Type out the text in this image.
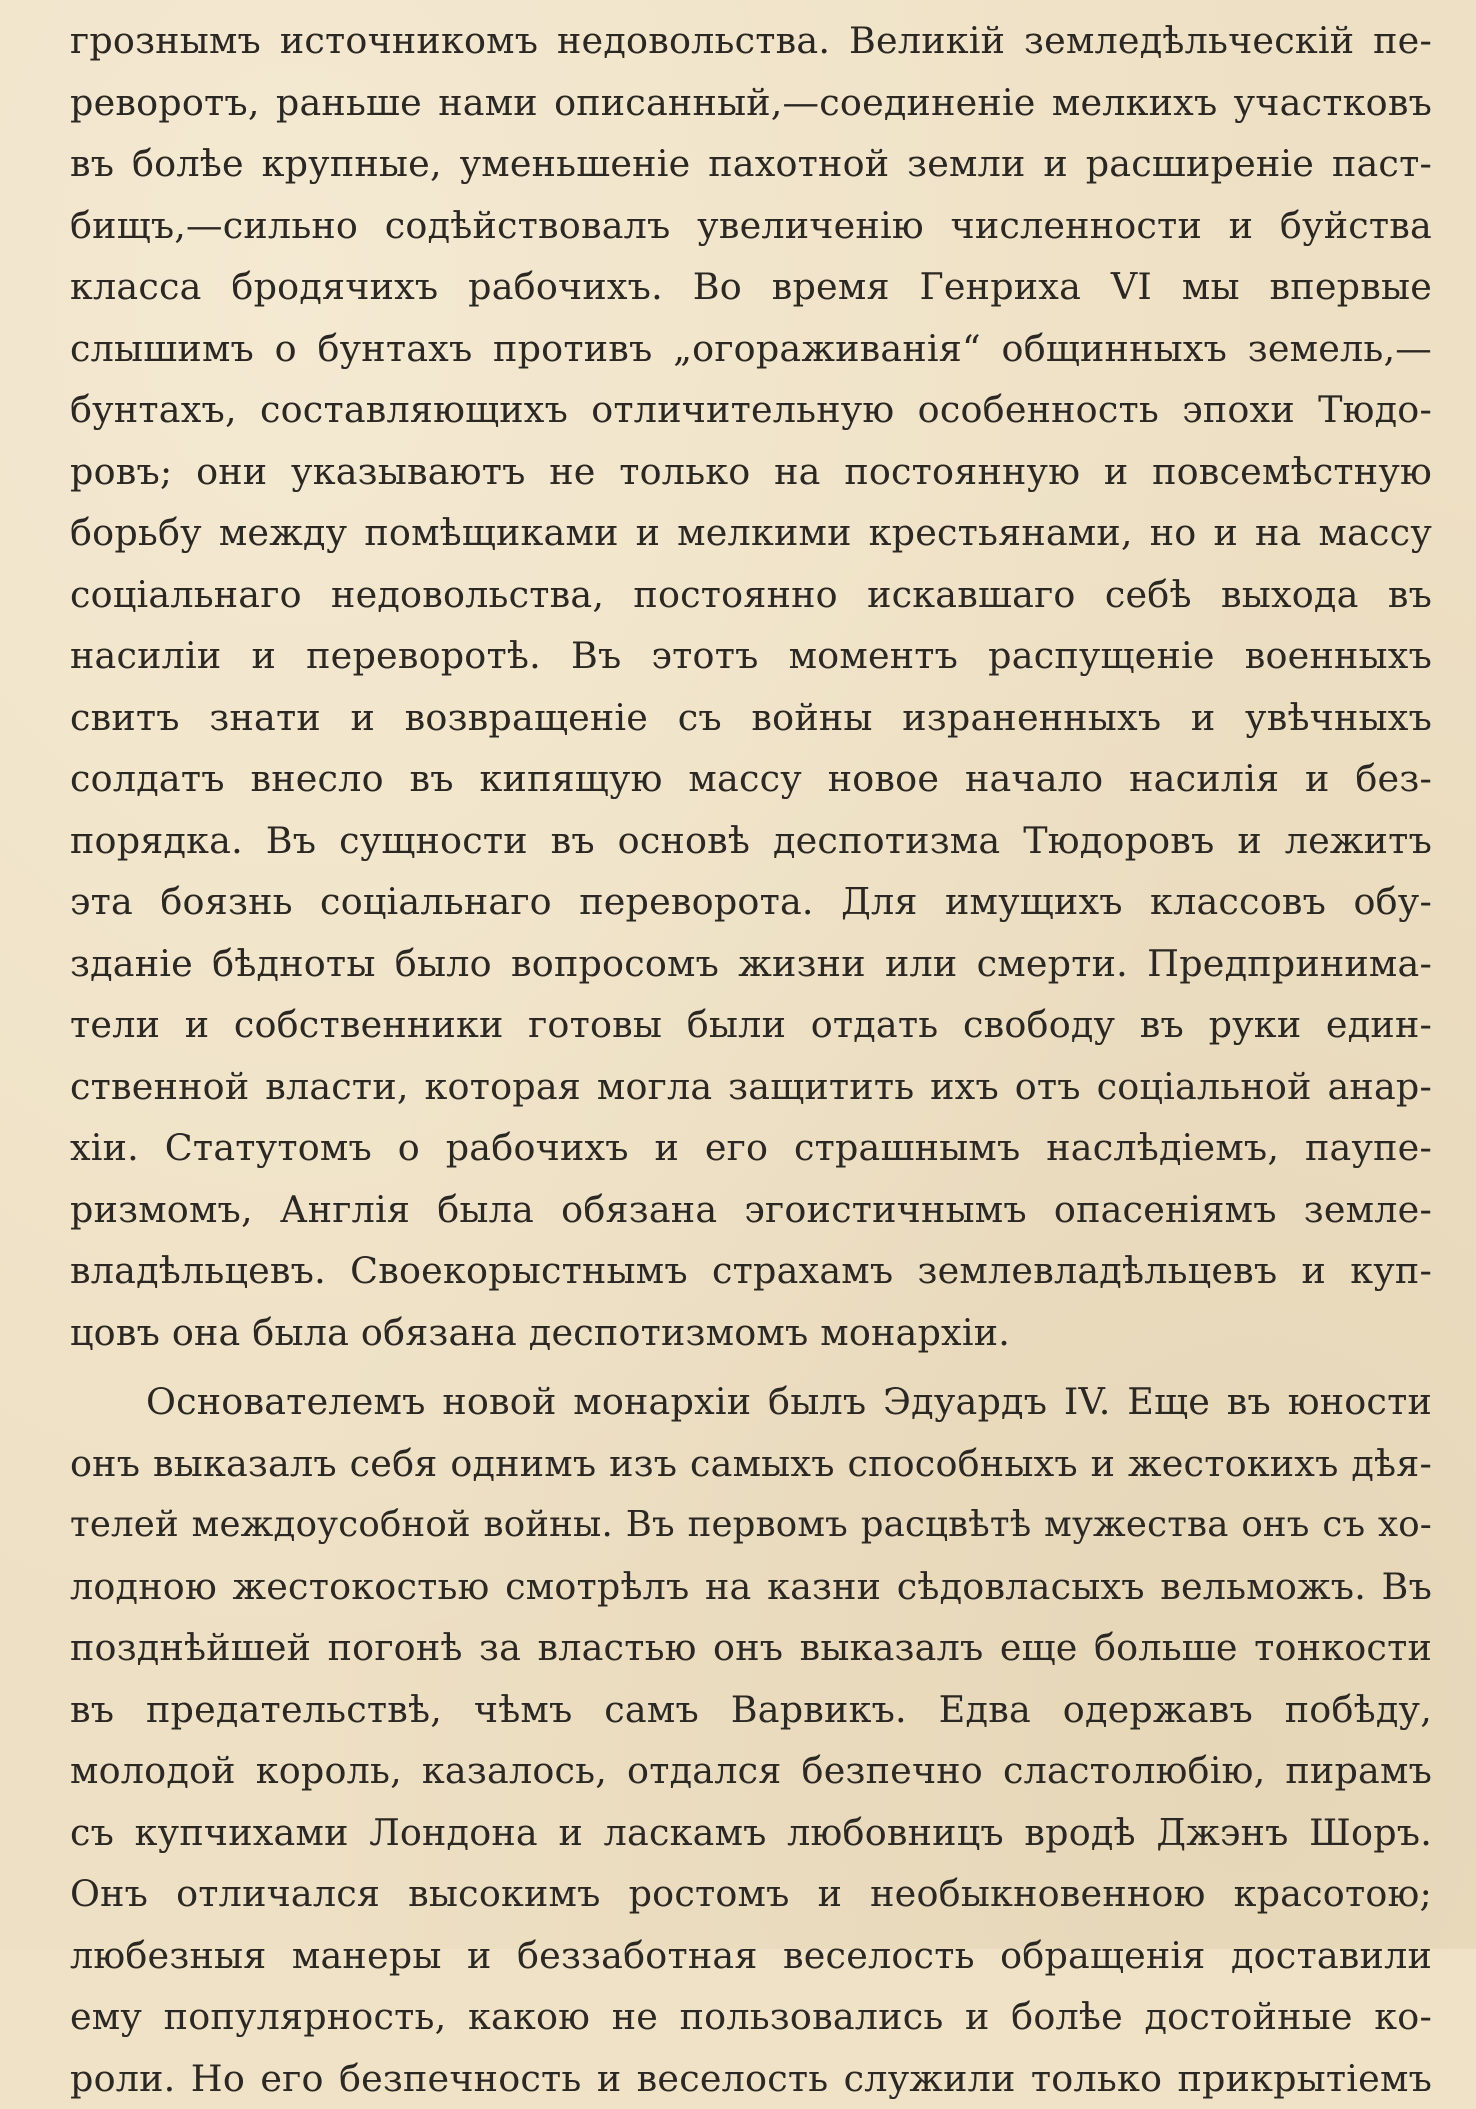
грознымъ источникомъ недовольства. Великій земледѣльческій пе-
реворотъ, раньше нами описанный,—соединеніе мелкихъ участковъ
въ болѣе крупные, уменьшеніе пахотной земли и расширеніе паст-
бищъ,—сильно содѣйствовалъ увеличенію численности и буйства
класса бродячихъ рабочихъ. Во время Генриха VI мы впервые
слышимъ о бунтахъ противъ „огораживанія“ общинныхъ земель,—
бунтахъ, составляющихъ отличительную особенность эпохи Тюдо-
ровъ; они указываютъ не только на постоянную и повсемѣстную
борьбу между помѣщиками и мелкими крестьянами, но и на массу
соціальнаго недовольства, постоянно искавшаго себѣ выхода въ
насиліи и переворотѣ. Въ этотъ моментъ распущеніе военныхъ
свитъ знати и возвращеніе съ войны израненныхъ и увѣчныхъ
солдатъ внесло въ кипящую массу новое начало насилія и без-
порядка. Въ сущности въ основѣ деспотизма Тюдоровъ и лежитъ
эта боязнь соціальнаго переворота. Для имущихъ классовъ обу-
зданіе бѣдноты было вопросомъ жизни или смерти. Предпринима-
тели и собственники готовы были отдать свободу въ руки един-
ственной власти, которая могла защитить ихъ отъ соціальной анар-
хіи. Статутомъ о рабочихъ и его страшнымъ наслѣдіемъ, паупе-
ризмомъ, Англія была обязана эгоистичнымъ опасеніямъ земле-
владѣльцевъ. Своекорыстнымъ страхамъ землевладѣльцевъ и куп-
цовъ она была обязана деспотизмомъ монархіи.
Основателемъ новой монархіи былъ Эдуардъ IV. Еще въ юности
онъ выказалъ себя однимъ изъ самыхъ способныхъ и жестокихъ дѣя-
телей междоусобной войны. Въ первомъ расцвѣтѣ мужества онъ съ хо-
лодною жестокостью смотрѣлъ на казни сѣдовласыхъ вельможъ. Въ
позднѣйшей погонѣ за властью онъ выказалъ еще больше тонкости
въ предательствѣ, чѣмъ самъ Варвикъ. Едва одержавъ побѣду,
молодой король, казалось, отдался безпечно сластолюбію, пирамъ
съ купчихами Лондона и ласкамъ любовницъ вродѣ Джэнъ Шоръ.
Онъ отличался высокимъ ростомъ и необыкновенною красотою;
любезныя манеры и беззаботная веселость обращенія доставили
ему популярность, какою не пользовались и болѣе достойные ко-
роли. Но его безпечность и веселость служили только прикрытіемъ
